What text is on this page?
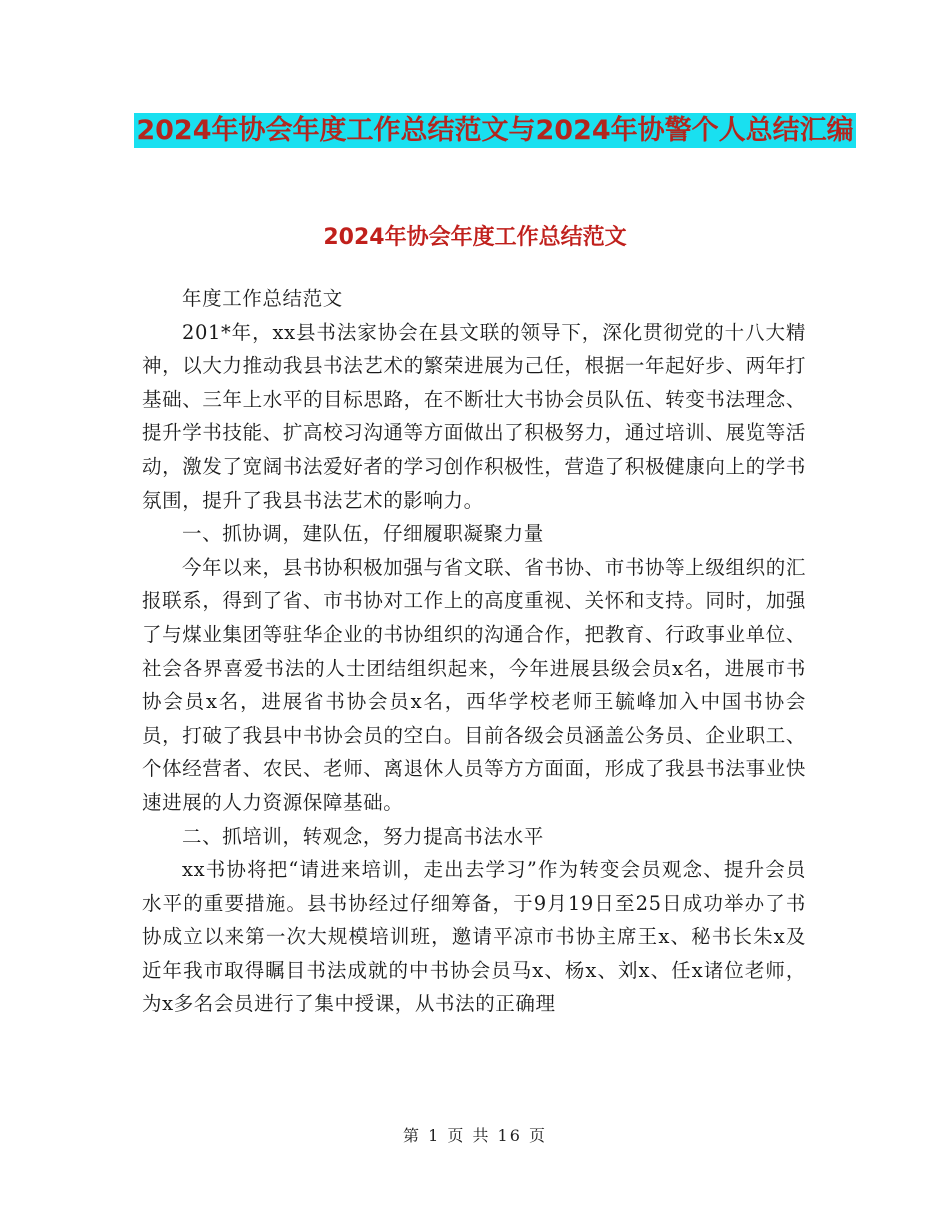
2024年协会年度工作总结范文与2024年协警个人总结汇编
2024年协会年度工作总结范文

年度工作总结范文

201*年，xx县书法家协会在县文联的领导下，深化贯彻党的十八大精神，以大力推动我县书法艺术的繁荣进展为己任，根据一年起好步、两年打基础、三年上水平的目标思路，在不断壮大书协会员队伍、转变书法理念、提升学书技能、扩高校习沟通等方面做出了积极努力，通过培训、展览等活动，激发了宽阔书法爱好者的学习创作积极性，营造了积极健康向上的学书氛围，提升了我县书法艺术的影响力。

一、抓协调，建队伍，仔细履职凝聚力量

今年以来，县书协积极加强与省文联、省书协、市书协等上级组织的汇报联系，得到了省、市书协对工作上的高度重视、关怀和支持。同时，加强了与煤业集团等驻华企业的书协组织的沟通合作，把教育、行政事业单位、社会各界喜爱书法的人士团结组织起来，今年进展县级会员x名，进展市书协会员x名，进展省书协会员x名，西华学校老师王毓峰加入中国书协会员，打破了我县中书协会员的空白。目前各级会员涵盖公务员、企业职工、个体经营者、农民、老师、离退休人员等方方面面，形成了我县书法事业快速进展的人力资源保障基础。

二、抓培训，转观念，努力提高书法水平

xx书协将把“请进来培训，走出去学习”作为转变会员观念、提升会员水平的重要措施。县书协经过仔细筹备，于9月19日至25日成功举办了书协成立以来第一次大规模培训班，邀请平凉市书协主席王x、秘书长朱x及近年我市取得瞩目书法成就的中书协会员马x、杨x、刘x、任x诸位老师，为x多名会员进行了集中授课，从书法的正确理

第 1 页 共 16 页
